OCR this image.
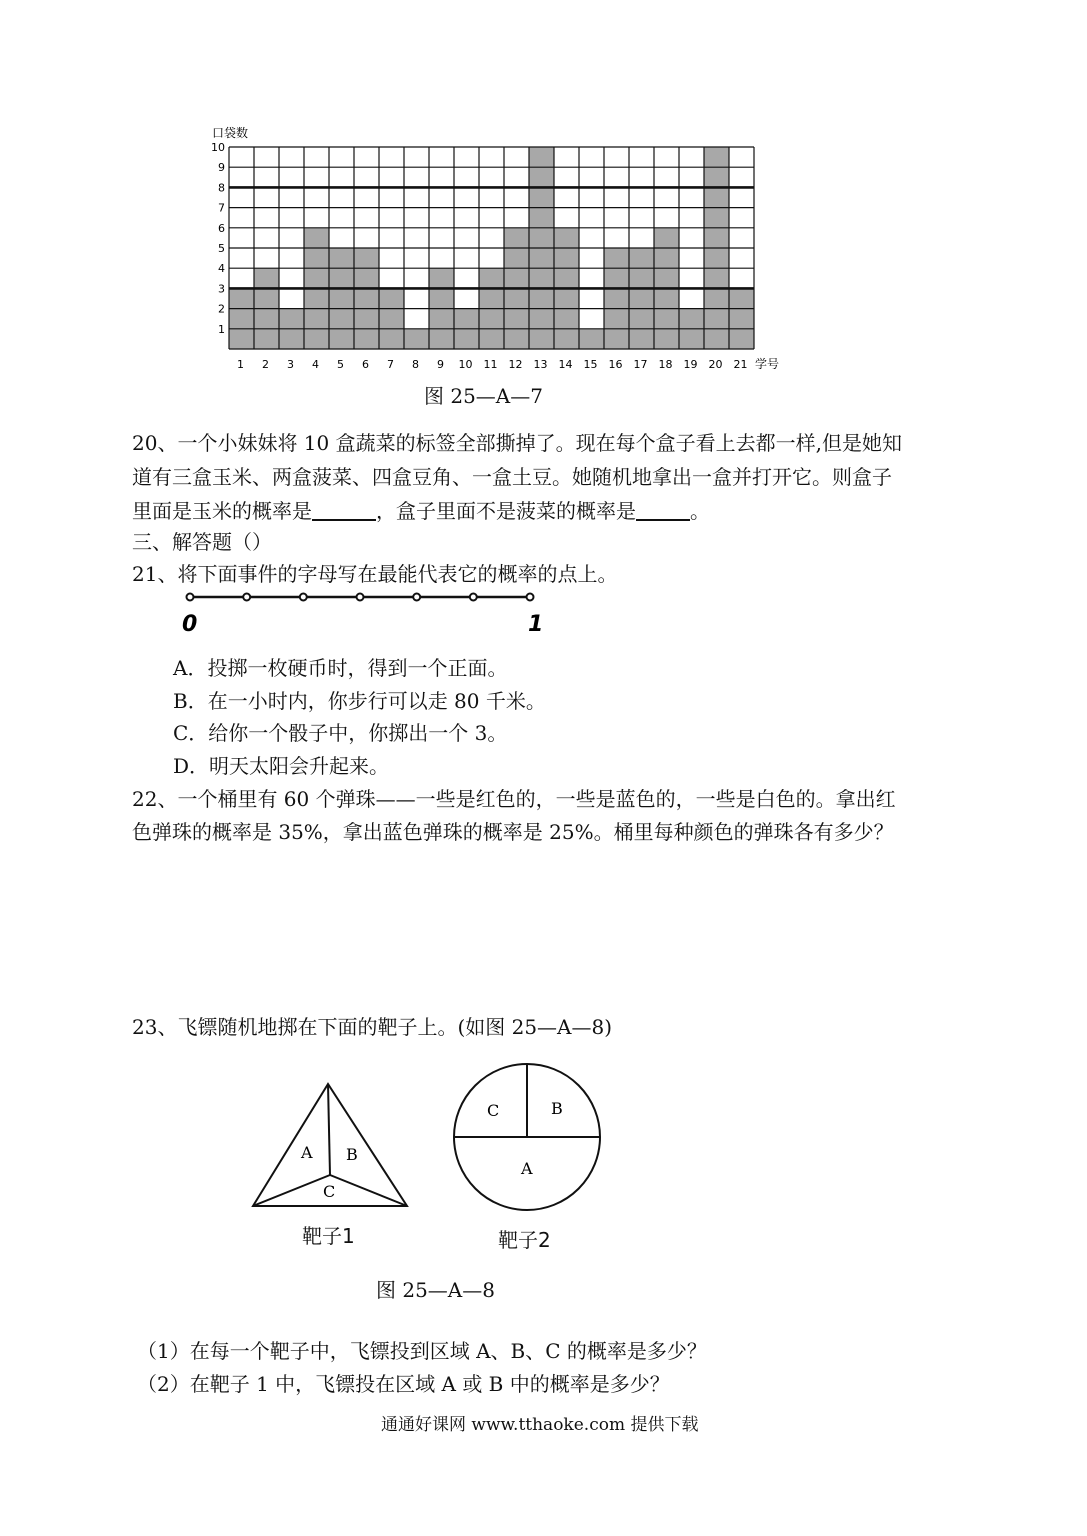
1
2
3
4
5
6
7
8
9
10
1 2 3 4 5 6 7 8 9 10 11 12 13 14 15 16 17 18 19 20 21
口袋数
学号
图 25—A—7
20、一个小妹妹将 10 盒蔬菜的标签全部撕掉了。现在每个盒子看上去都一样,但是她知
道有三盒玉米、两盒菠菜、四盒豆角、一盒土豆。她随机地拿出一盒并打开它。则盒子
里面是玉米的概率是	，盒子里面不是菠菜的概率是	。
三、解答题（）
21、将下面事件的字母写在最能代表它的概率的点上。
0	1
A．投掷一枚硬币时，得到一个正面。
B．在一小时内，你步行可以走 80 千米。
C．给你一个骰子中，你掷出一个 3。
D．明天太阳会升起来。
22、一个桶里有 60 个弹珠——一些是红色的，一些是蓝色的，一些是白色的。拿出红
色弹珠的概率是 35%，拿出蓝色弹珠的概率是 25%。桶里每种颜色的弹珠各有多少？
23、飞镖随机地掷在下面的靶子上。(如图 25—A—8)
A B
C
靶子1
C	B
A
靶子2
图 25—A—8
（1）在每一个靶子中，飞镖投到区域 A、B、C 的概率是多少？
（2）在靶子 1 中，飞镖投在区域 A 或 B 中的概率是多少？
通通好课网 www.tthaoke.com 提供下载
